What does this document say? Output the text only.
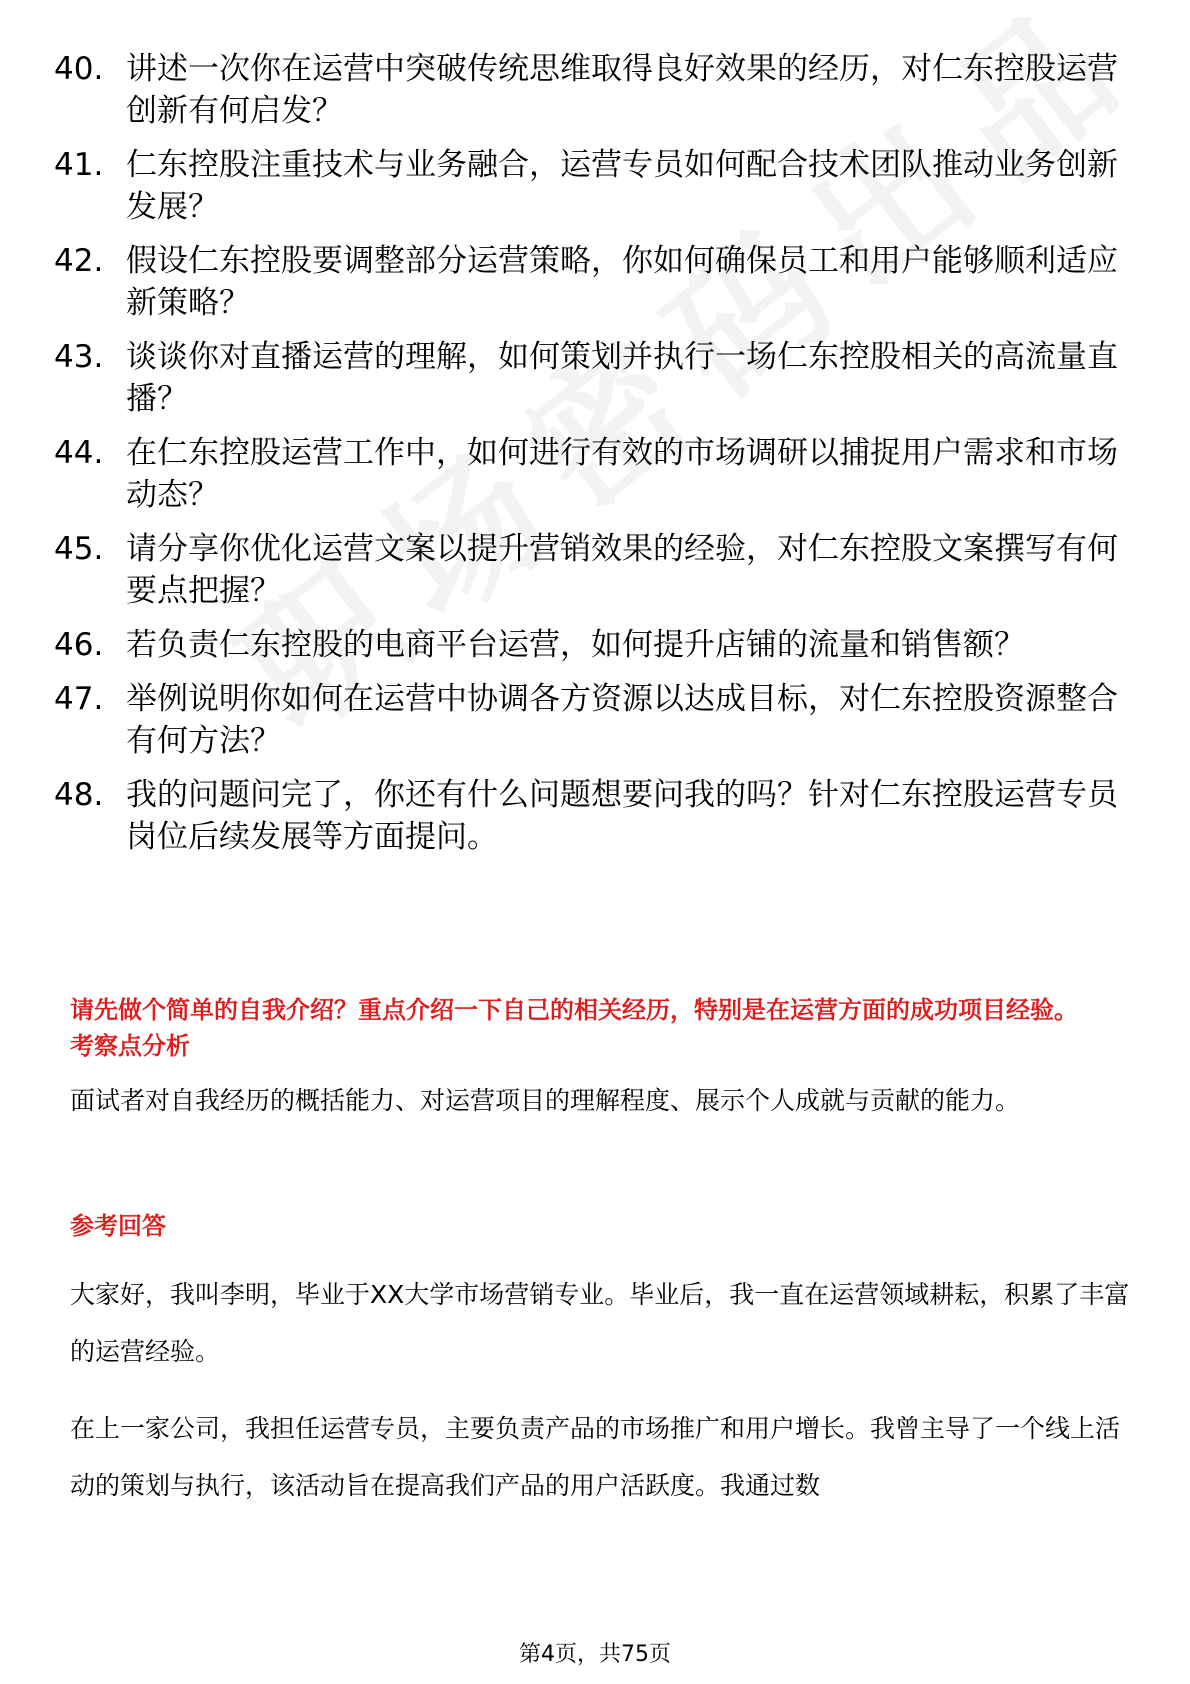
40. 讲述一次你在运营中突破传统思维取得良好效果的经历，对仁东控股运营创新有何启发？
41. 仁东控股注重技术与业务融合，运营专员如何配合技术团队推动业务创新发展？
42. 假设仁东控股要调整部分运营策略，你如何确保员工和用户能够顺利适应新策略？
43. 谈谈你对直播运营的理解，如何策划并执行一场仁东控股相关的高流量直播？
44. 在仁东控股运营工作中，如何进行有效的市场调研以捕捉用户需求和市场动态？
45. 请分享你优化运营文案以提升营销效果的经验，对仁东控股文案撰写有何要点把握？
46. 若负责仁东控股的电商平台运营，如何提升店铺的流量和销售额？
47. 举例说明你如何在运营中协调各方资源以达成目标，对仁东控股资源整合有何方法？
48. 我的问题问完了，你还有什么问题想要问我的吗？针对仁东控股运营专员岗位后续发展等方面提问。
请先做个简单的自我介绍？重点介绍一下自己的相关经历，特别是在运营方面的成功项目经验。
考察点分析
面试者对自我经历的概括能力、对运营项目的理解程度、展示个人成就与贡献的能力。
参考回答
大家好，我叫李明，毕业于XX大学市场营销专业。毕业后，我一直在运营领域耕耘，积累了丰富的运营经验。
在上一家公司，我担任运营专员，主要负责产品的市场推广和用户增长。我曾主导了一个线上活动的策划与执行，该活动旨在提高我们产品的用户活跃度。我通过数
第4页，共75页
